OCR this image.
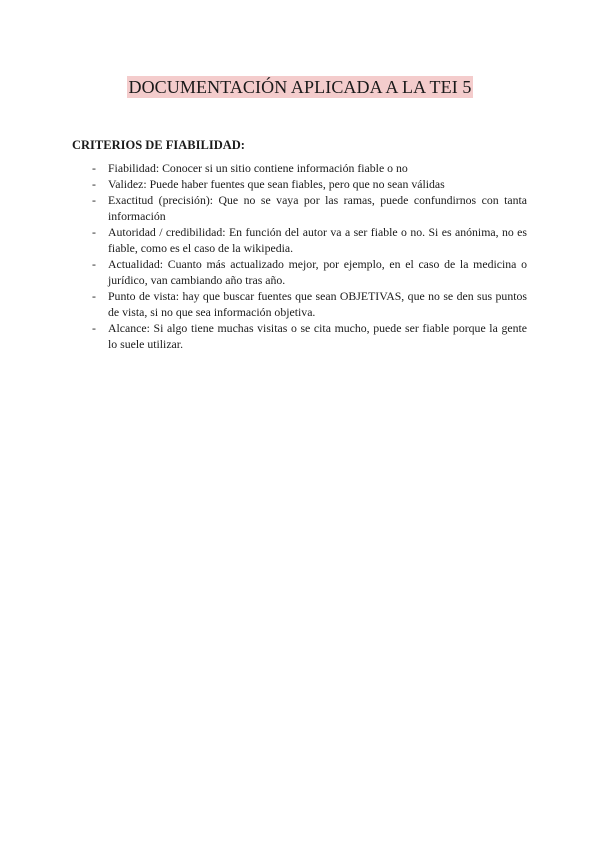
DOCUMENTACIÓN APLICADA A LA TEI 5
CRITERIOS DE FIABILIDAD:
- Fiabilidad: Conocer si un sitio contiene información fiable o no
- Validez: Puede haber fuentes que sean fiables, pero que no sean válidas
- Exactitud (precisión): Que no se vaya por las ramas, puede confundirnos con tanta información
- Autoridad / credibilidad: En función del autor va a ser fiable o no. Si es anónima, no es fiable, como es el caso de la wikipedia.
- Actualidad: Cuanto más actualizado mejor, por ejemplo, en el caso de la medicina o jurídico, van cambiando año tras año.
- Punto de vista: hay que buscar fuentes que sean OBJETIVAS, que no se den sus puntos de vista, si no que sea información objetiva.
- Alcance: Si algo tiene muchas visitas o se cita mucho, puede ser fiable porque la gente lo suele utilizar.
